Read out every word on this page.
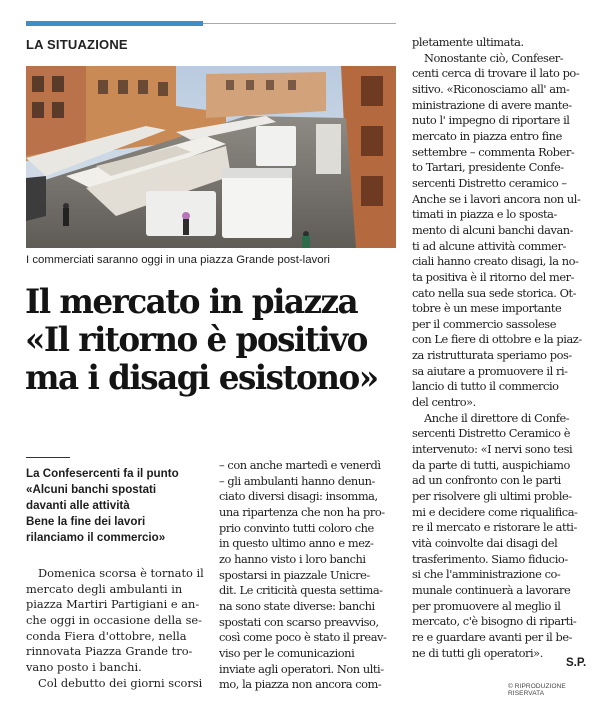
LA SITUAZIONE
I commerciati saranno oggi in una piazza Grande post-lavori
Il mercato in piazza
«Il ritorno è positivo
ma i disagi esistono»
La Confesercenti fa il punto
«Alcuni banchi spostati
davanti alle attività
Bene la fine dei lavori
rilanciamo il commercio»
Domenica scorsa è tornato il
mercato degli ambulanti in
piazza Martiri Partigiani e an-
che oggi in occasione della se-
conda Fiera d'ottobre, nella
rinnovata Piazza Grande tro-
vano posto i banchi.
Col debutto dei giorni scorsi
– con anche martedì e venerdì
– gli ambulanti hanno denun-
ciato diversi disagi: insomma,
una ripartenza che non ha pro-
prio convinto tutti coloro che
in questo ultimo anno e mez-
zo hanno visto i loro banchi
spostarsi in piazzale Unicre-
dit. Le criticità questa settima-
na sono state diverse: banchi
spostati con scarso preavviso,
così come poco è stato il preav-
viso per le comunicazioni
inviate agli operatori. Non ulti-
mo, la piazza non ancora com-
pletamente ultimata.
Nonostante ciò, Confeser-
centi cerca di trovare il lato po-
sitivo. «Riconosciamo all' am-
ministrazione di avere mante-
nuto l' impegno di riportare il
mercato in piazza entro fine
settembre – commenta Rober-
to Tartari, presidente Confe-
sercenti Distretto ceramico –
Anche se i lavori ancora non ul-
timati in piazza e lo sposta-
mento di alcuni banchi davan-
ti ad alcune attività commer-
ciali hanno creato disagi, la no-
ta positiva è il ritorno del mer-
cato nella sua sede storica. Ot-
tobre è un mese importante
per il commercio sassolese
con Le fiere di ottobre e la piaz-
za ristrutturata speriamo pos-
sa aiutare a promuovere il ri-
lancio di tutto il commercio
del centro».
Anche il direttore di Confe-
sercenti Distretto Ceramico è
intervenuto: «I nervi sono tesi
da parte di tutti, auspichiamo
ad un confronto con le parti
per risolvere gli ultimi proble-
mi e decidere come riqualifica-
re il mercato e ristorare le atti-
vità coinvolte dai disagi del
trasferimento. Siamo fiducio-
si che l'amministrazione co-
munale continuerà a lavorare
per promuovere al meglio il
mercato, c'è bisogno di riparti-
re e guardare avanti per il be-
ne di tutti gli operatori».
S.P.
© RIPRODUZIONE RISERVATA
